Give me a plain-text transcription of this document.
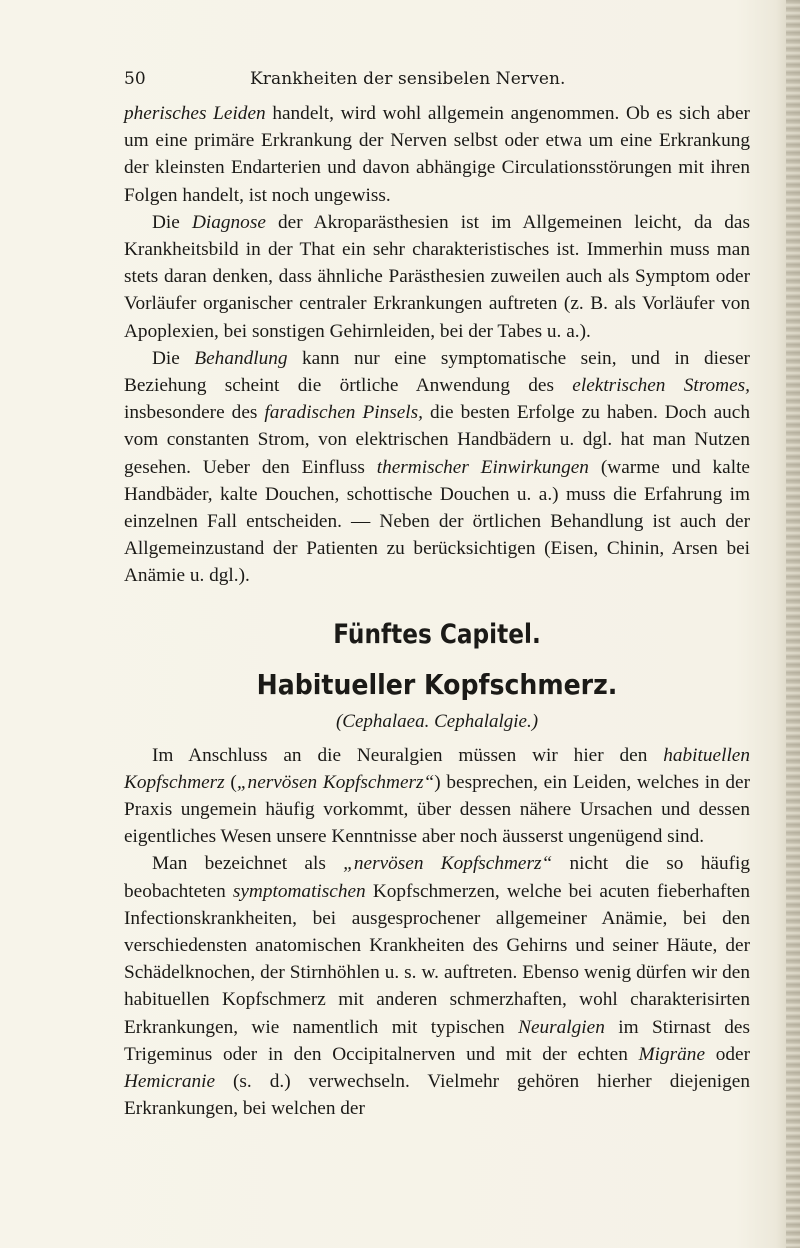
50	Krankheiten der sensibelen Nerven.

pherisches Leiden handelt, wird wohl allgemein angenommen. Ob es sich aber um eine primäre Erkrankung der Nerven selbst oder etwa um eine Erkrankung der kleinsten Endarterien und davon abhängige Circulationsstörungen mit ihren Folgen handelt, ist noch ungewiss.

Die Diagnose der Akroparästhesien ist im Allgemeinen leicht, da das Krankheitsbild in der That ein sehr charakteristisches ist. Immerhin muss man stets daran denken, dass ähnliche Parästhesien zuweilen auch als Symptom oder Vorläufer organischer centraler Erkrankungen auftreten (z. B. als Vorläufer von Apoplexien, bei sonstigen Gehirnleiden, bei der Tabes u. a.).

Die Behandlung kann nur eine symptomatische sein, und in dieser Beziehung scheint die örtliche Anwendung des elektrischen Stromes, insbesondere des faradischen Pinsels, die besten Erfolge zu haben. Doch auch vom constanten Strom, von elektrischen Handbädern u. dgl. hat man Nutzen gesehen. Ueber den Einfluss thermischer Einwirkungen (warme und kalte Handbäder, kalte Douchen, schottische Douchen u. a.) muss die Erfahrung im einzelnen Fall entscheiden. — Neben der örtlichen Behandlung ist auch der Allgemeinzustand der Patienten zu berücksichtigen (Eisen, Chinin, Arsen bei Anämie u. dgl.).

Fünftes Capitel.
Habitueller Kopfschmerz.
(Cephalaea. Cephalalgie.)

Im Anschluss an die Neuralgien müssen wir hier den habituellen Kopfschmerz („nervösen Kopfschmerz“) besprechen, ein Leiden, welches in der Praxis ungemein häufig vorkommt, über dessen nähere Ursachen und dessen eigentliches Wesen unsere Kenntnisse aber noch äusserst ungenügend sind.

Man bezeichnet als „nervösen Kopfschmerz“ nicht die so häufig beobachteten symptomatischen Kopfschmerzen, welche bei acuten fieberhaften Infectionskrankheiten, bei ausgesprochener allgemeiner Anämie, bei den verschiedensten anatomischen Krankheiten des Gehirns und seiner Häute, der Schädelknochen, der Stirnhöhlen u. s. w. auftreten. Ebenso wenig dürfen wir den habituellen Kopfschmerz mit anderen schmerzhaften, wohl charakterisirten Erkrankungen, wie namentlich mit typischen Neuralgien im Stirnast des Trigeminus oder in den Occipitalnerven und mit der echten Migräne oder Hemicranie (s. d.) verwechseln. Vielmehr gehören hierher diejenigen Erkrankungen, bei welchen der
